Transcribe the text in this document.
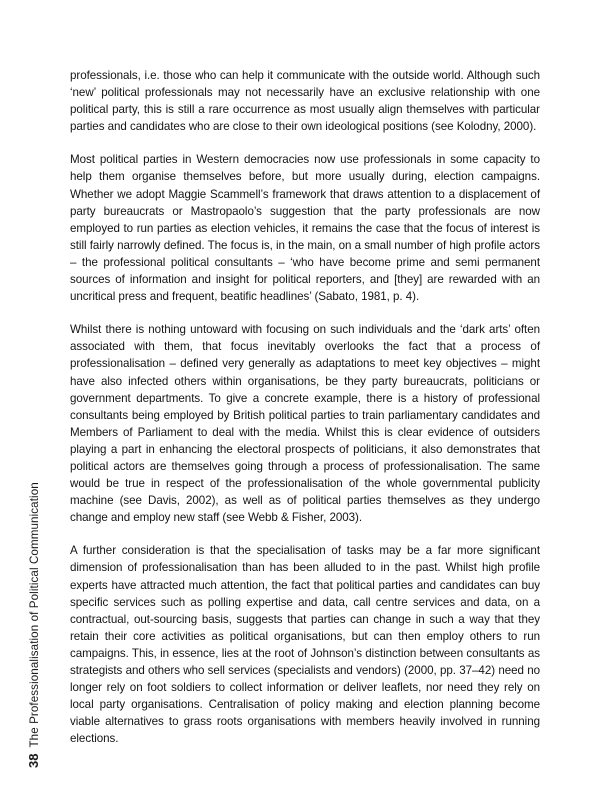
professionals, i.e. those who can help it communicate with the outside world. Although such ‘new’ political professionals may not necessarily have an exclusive relationship with one political party, this is still a rare occurrence as most usually align themselves with particular parties and candidates who are close to their own ideological positions (see Kolodny, 2000).

Most political parties in Western democracies now use professionals in some capacity to help them organise themselves before, but more usually during, election campaigns. Whether we adopt Maggie Scammell’s framework that draws attention to a displacement of party bureaucrats or Mastropaolo’s suggestion that the party professionals are now employed to run parties as election vehicles, it remains the case that the focus of interest is still fairly narrowly defined. The focus is, in the main, on a small number of high profile actors – the professional political consultants – ‘who have become prime and semi permanent sources of information and insight for political reporters, and [they] are rewarded with an uncritical press and frequent, beatific headlines’ (Sabato, 1981, p. 4).

Whilst there is nothing untoward with focusing on such individuals and the ‘dark arts’ often associated with them, that focus inevitably overlooks the fact that a process of professionalisation – defined very generally as adaptations to meet key objectives – might have also infected others within organisations, be they party bureaucrats, politicians or government departments. To give a concrete example, there is a history of professional consultants being employed by British political parties to train parliamentary candidates and Members of Parliament to deal with the media. Whilst this is clear evidence of outsiders playing a part in enhancing the electoral prospects of politicians, it also demonstrates that political actors are themselves going through a process of professionalisation. The same would be true in respect of the professionalisation of the whole governmental publicity machine (see Davis, 2002), as well as of political parties themselves as they undergo change and employ new staff (see Webb & Fisher, 2003).

A further consideration is that the specialisation of tasks may be a far more significant dimension of professionalisation than has been alluded to in the past. Whilst high profile experts have attracted much attention, the fact that political parties and candidates can buy specific services such as polling expertise and data, call centre services and data, on a contractual, out-sourcing basis, suggests that parties can change in such a way that they retain their core activities as political organisations, but can then employ others to run campaigns. This, in essence, lies at the root of Johnson’s distinction between consultants as strategists and others who sell services (specialists and vendors) (2000, pp. 37–42) need no longer rely on foot soldiers to collect information or deliver leaflets, nor need they rely on local party organisations. Centralisation of policy making and election planning become viable alternatives to grass roots organisations with members heavily involved in running elections.

38The Professionalisation of Political Communication
